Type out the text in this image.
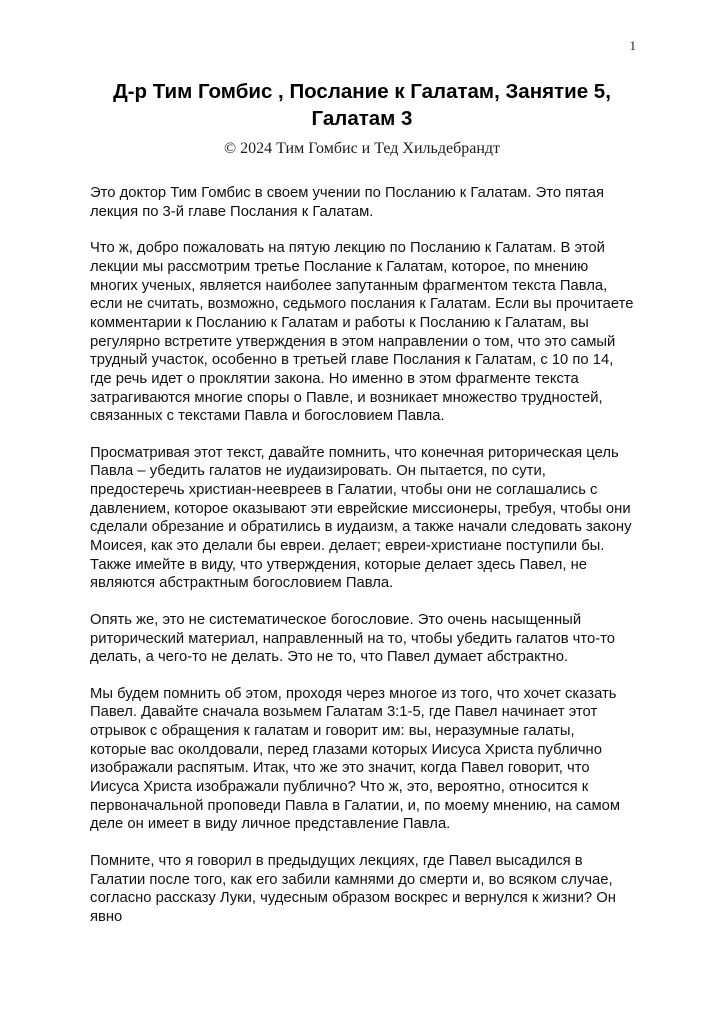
1
Д-р Тим Гомбис , Послание к Галатам, Занятие 5,
Галатам 3
© 2024 Тим Гомбис и Тед Хильдебрандт

Это доктор Тим Гомбис в своем учении по Посланию к Галатам. Это пятая лекция по 3-й главе Послания к Галатам.

Что ж, добро пожаловать на пятую лекцию по Посланию к Галатам. В этой лекции мы рассмотрим третье Послание к Галатам, которое, по мнению многих ученых, является наиболее запутанным фрагментом текста Павла, если не считать, возможно, седьмого послания к Галатам. Если вы прочитаете комментарии к Посланию к Галатам и работы к Посланию к Галатам, вы регулярно встретите утверждения в этом направлении о том, что это самый трудный участок, особенно в третьей главе Послания к Галатам, с 10 по 14, где речь идет о проклятии закона. Но именно в этом фрагменте текста затрагиваются многие споры о Павле, и возникает множество трудностей, связанных с текстами Павла и богословием Павла.

Просматривая этот текст, давайте помнить, что конечная риторическая цель Павла – убедить галатов не иудаизировать. Он пытается, по сути, предостеречь христиан-неевреев в Галатии, чтобы они не соглашались с давлением, которое оказывают эти еврейские миссионеры, требуя, чтобы они сделали обрезание и обратились в иудаизм, а также начали следовать закону Моисея, как это делали бы евреи. делает; евреи-христиане поступили бы. Также имейте в виду, что утверждения, которые делает здесь Павел, не являются абстрактным богословием Павла.

Опять же, это не систематическое богословие. Это очень насыщенный риторический материал, направленный на то, чтобы убедить галатов что-то делать, а чего-то не делать. Это не то, что Павел думает абстрактно.

Мы будем помнить об этом, проходя через многое из того, что хочет сказать Павел. Давайте сначала возьмем Галатам 3:1-5, где Павел начинает этот отрывок с обращения к галатам и говорит им: вы, неразумные галаты, которые вас околдовали, перед глазами которых Иисуса Христа публично изображали распятым. Итак, что же это значит, когда Павел говорит, что Иисуса Христа изображали публично? Что ж, это, вероятно, относится к первоначальной проповеди Павла в Галатии, и, по моему мнению, на самом деле он имеет в виду личное представление Павла.

Помните, что я говорил в предыдущих лекциях, где Павел высадился в Галатии после того, как его забили камнями до смерти и, во всяком случае, согласно рассказу Луки, чудесным образом воскрес и вернулся к жизни? Он явно
